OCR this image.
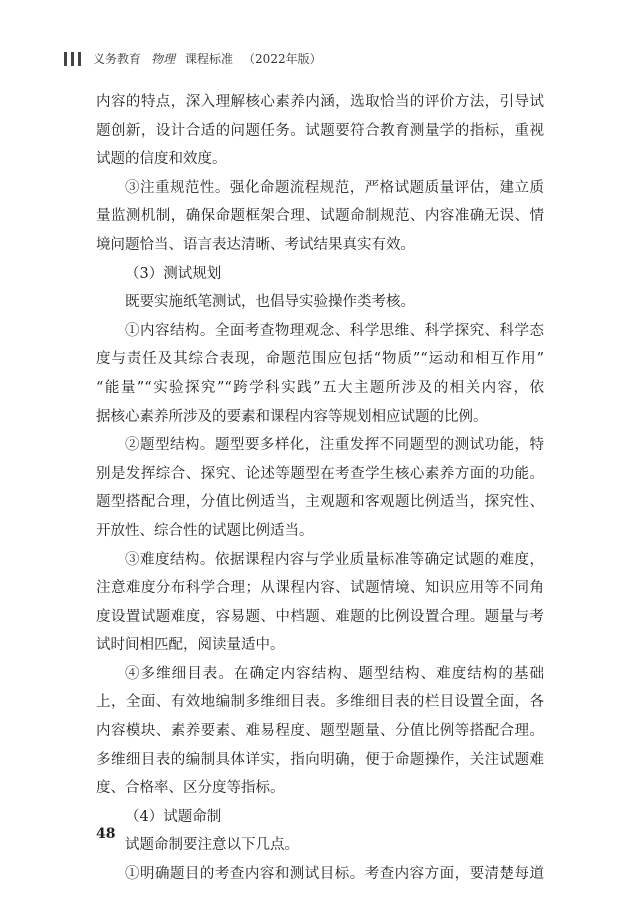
义务教育 物理 课程标准 （2022年版）
内容的特点，深入理解核心素养内涵，选取恰当的评价方法，引导试
题创新，设计合适的问题任务。试题要符合教育测量学的指标，重视
试题的信度和效度。
③注重规范性。强化命题流程规范，严格试题质量评估，建立质
量监测机制，确保命题框架合理、试题命制规范、内容准确无误、情
境问题恰当、语言表达清晰、考试结果真实有效。
（3）测试规划
既要实施纸笔测试，也倡导实验操作类考核。
①内容结构。全面考查物理观念、科学思维、科学探究、科学态
度与责任及其综合表现，命题范围应包括“物质”“运动和相互作用”
“能量”“实验探究”“跨学科实践”五大主题所涉及的相关内容，依
据核心素养所涉及的要素和课程内容等规划相应试题的比例。
②题型结构。题型要多样化，注重发挥不同题型的测试功能，特
别是发挥综合、探究、论述等题型在考查学生核心素养方面的功能。
题型搭配合理，分值比例适当，主观题和客观题比例适当，探究性、
开放性、综合性的试题比例适当。
③难度结构。依据课程内容与学业质量标准等确定试题的难度，
注意难度分布科学合理；从课程内容、试题情境、知识应用等不同角
度设置试题难度，容易题、中档题、难题的比例设置合理。题量与考
试时间相匹配，阅读量适中。
④多维细目表。在确定内容结构、题型结构、难度结构的基础
上，全面、有效地编制多维细目表。多维细目表的栏目设置全面，各
内容模块、素养要素、难易程度、题型题量、分值比例等搭配合理。
多维细目表的编制具体详实，指向明确，便于命题操作，关注试题难
度、合格率、区分度等指标。
（4）试题命制
试题命制要注意以下几点。
①明确题目的考查内容和测试目标。考查内容方面，要清楚每道
48
